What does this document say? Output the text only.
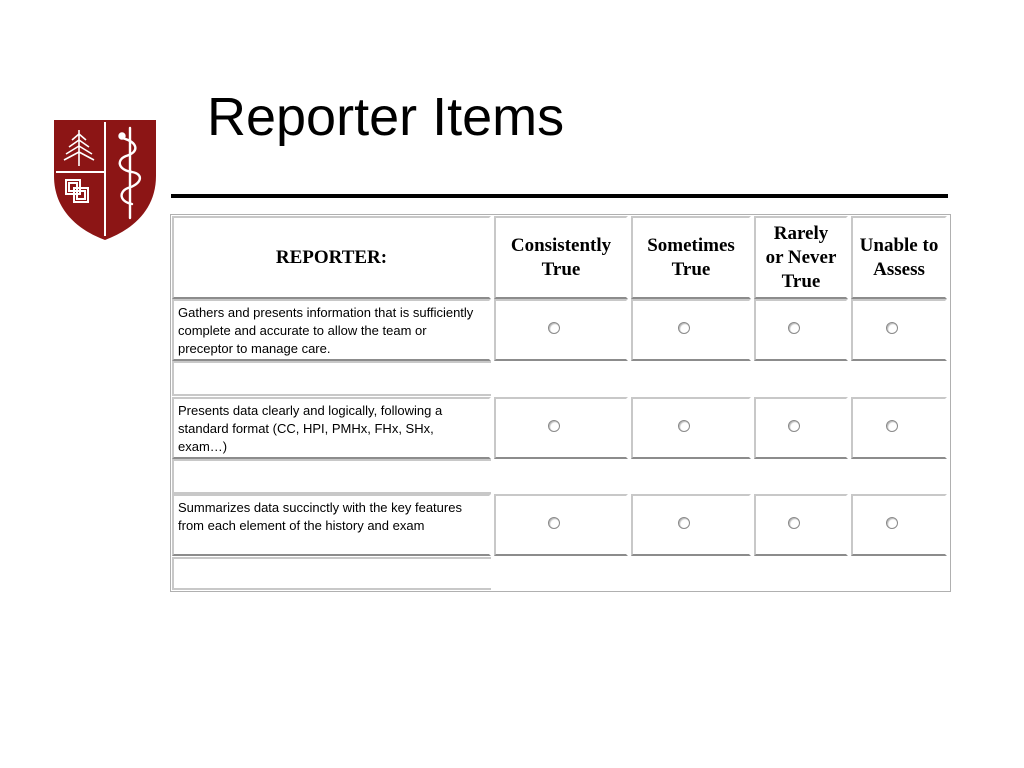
Reporter Items
REPORTER:
Consistently
True
Sometimes
True
Rarely
or Never
True
Unable to
Assess
Gathers and presents information that is sufficiently complete and accurate to allow the team or preceptor to manage care.
Presents data clearly and logically, following a standard format (CC, HPI, PMHx, FHx, SHx, exam…)
Summarizes data succinctly with the key features from each element of the history and exam
